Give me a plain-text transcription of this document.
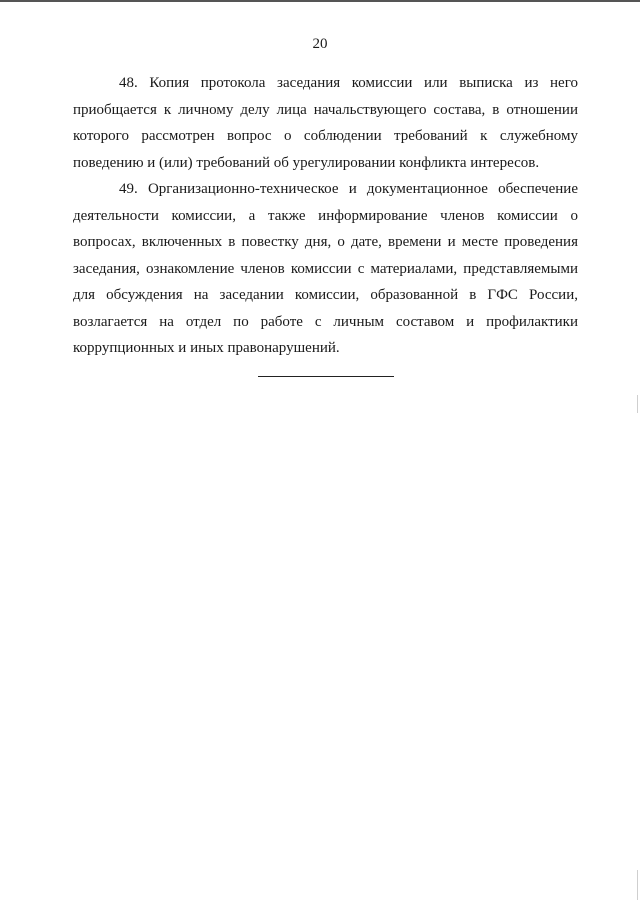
20

48. Копия протокола заседания комиссии или выписка из него приобщается к личному делу лица начальствующего состава, в отношении которого рассмотрен вопрос о соблюдении требований к служебному поведению и (или) требований об урегулировании конфликта интересов.

49. Организационно-техническое и документационное обеспечение деятельности комиссии, а также информирование членов комиссии о вопросах, включенных в повестку дня, о дате, времени и месте проведения заседания, ознакомление членов комиссии с материалами, представляемыми для обсуждения на заседании комиссии, образованной в ГФС России, возлагается на отдел по работе с личным составом и профилактики коррупционных и иных правонарушений.
